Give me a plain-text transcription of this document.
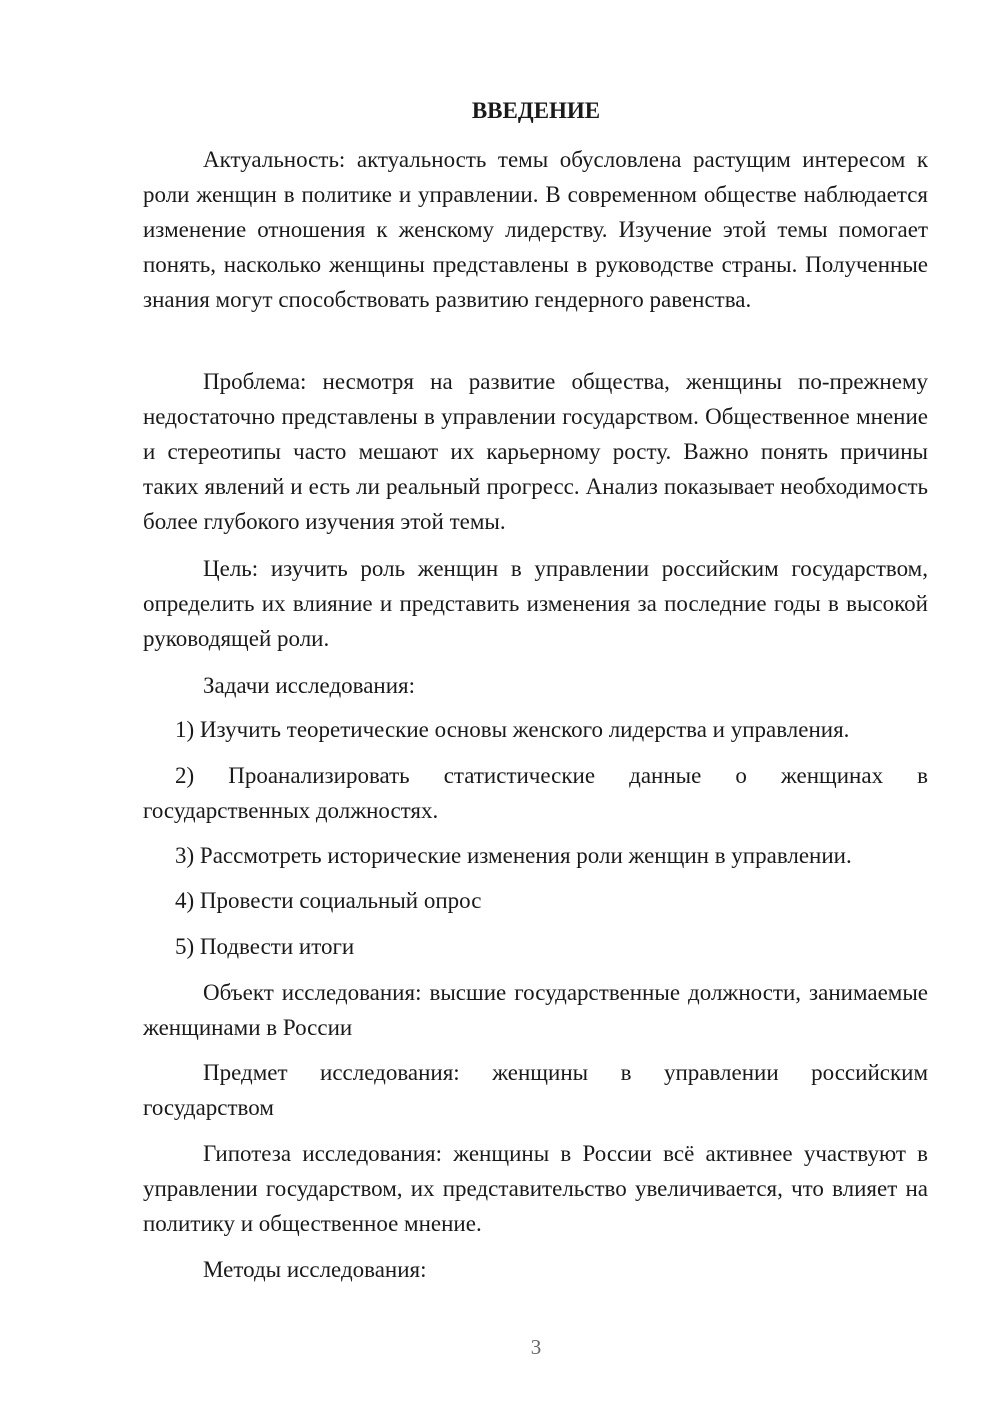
ВВЕДЕНИЕ

Актуальность: актуальность темы обусловлена растущим интересом к роли женщин в политике и управлении. В современном обществе наблюдается изменение отношения к женскому лидерству. Изучение этой темы помогает понять, насколько женщины представлены в руководстве страны. Полученные знания могут способствовать развитию гендерного равенства.

Проблема: несмотря на развитие общества, женщины по-прежнему недостаточно представлены в управлении государством. Общественное мнение и стереотипы часто мешают их карьерному росту. Важно понять причины таких явлений и есть ли реальный прогресс. Анализ показывает необходимость более глубокого изучения этой темы.

Цель: изучить роль женщин в управлении российским государством, определить их влияние и представить изменения за последние годы в высокой руководящей роли.

Задачи исследования:

1) Изучить теоретические основы женского лидерства и управления.

2) Проанализировать статистические данные о женщинах в государственных должностях.

3) Рассмотреть исторические изменения роли женщин в управлении.

4) Провести социальный опрос

5) Подвести итоги

Объект исследования: высшие государственные должности, занимаемые женщинами в России

Предмет исследования: женщины в управлении российским государством

Гипотеза исследования: женщины в России всё активнее участвуют в управлении государством, их представительство увеличивается, что влияет на политику и общественное мнение.

Методы исследования:

3
